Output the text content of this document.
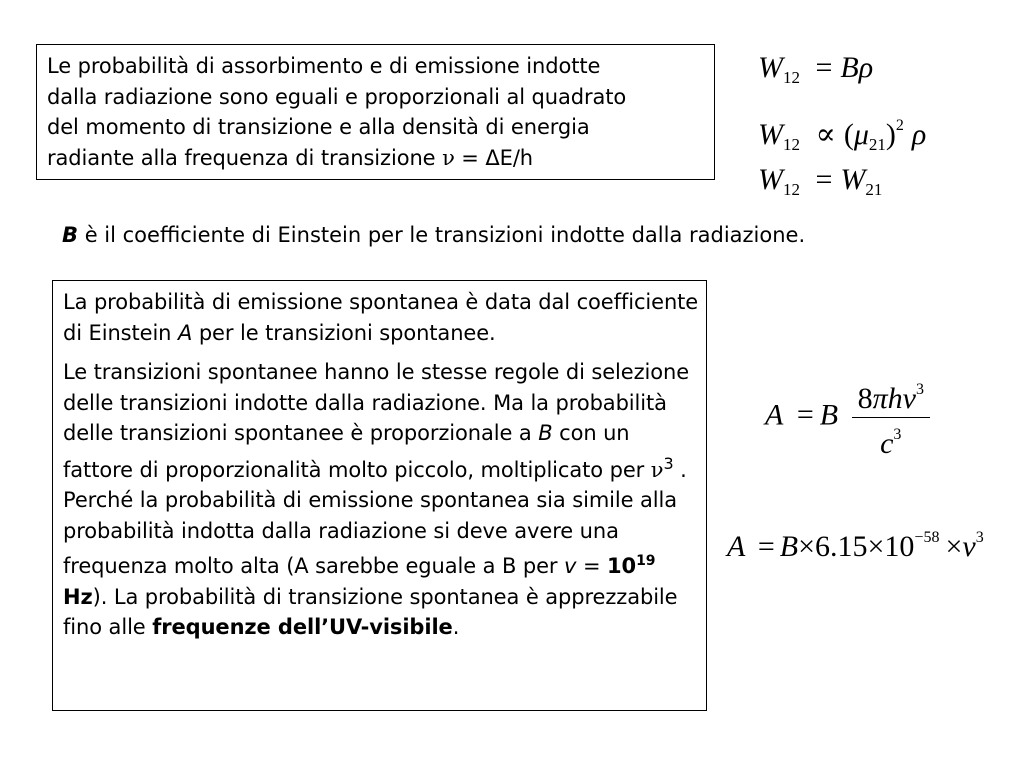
Le probabilità di assorbimento e di emissione indotte
dalla radiazione sono eguali e proporzionali al quadrato
del momento di transizione e alla densità di energia
radiante alla frequenza di transizione ν = ΔE/h
$W_{12} = B\rho$
$W_{12} \propto (\mu_{21})^2$ ρ
$W_{12} = W_{21}$
B è il coefficiente di Einstein per le transizioni indotte dalla radiazione.

La probabilità di emissione spontanea è data dal coefficiente di Einstein A per le transizioni spontanee.

Le transizioni spontanee hanno le stesse regole di selezione delle transizioni indotte dalla radiazione. Ma la probabilità delle transizioni spontanee è proporzionale a B con un fattore di proporzionalità molto piccolo, moltiplicato per $\nu^3$ . Perché la probabilità di emissione spontanea sia simile alla probabilità indotta dalla radiazione si deve avere una frequenza molto alta (A sarebbe eguale a B per $v = 10^{19}$ Hz). La probabilità di transizione spontanea è apprezzabile fino alle frequenze dell’UV-visibile.

A = B $\frac{8\pi h\nu^3}{c^3}$
$A = B\times 6.15\times 10^{-58} \times\nu^3$
